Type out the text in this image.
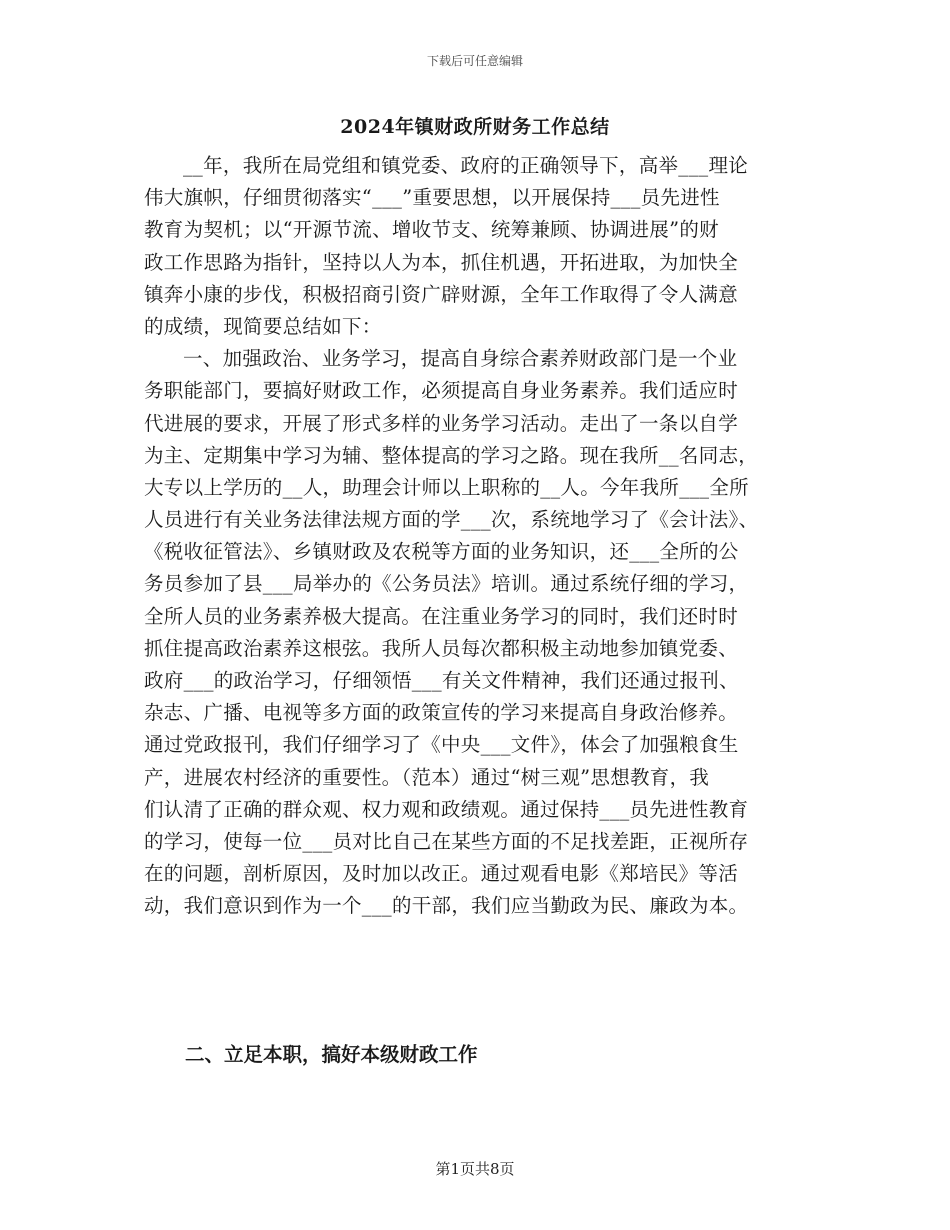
下载后可任意编辑
2024年镇财政所财务工作总结
__年，我所在局党组和镇党委、政府的正确领导下，高举___理论
伟大旗帜，仔细贯彻落实“___”重要思想，以开展保持___员先进性
教育为契机；以“开源节流、增收节支、统筹兼顾、协调进展”的财
政工作思路为指针，坚持以人为本，抓住机遇，开拓进取，为加快全
镇奔小康的步伐，积极招商引资广辟财源，全年工作取得了令人满意
的成绩，现简要总结如下：
一、加强政治、业务学习，提高自身综合素养财政部门是一个业
务职能部门，要搞好财政工作，必须提高自身业务素养。我们适应时
代进展的要求，开展了形式多样的业务学习活动。走出了一条以自学
为主、定期集中学习为辅、整体提高的学习之路。现在我所__名同志，
大专以上学历的__人，助理会计师以上职称的__人。今年我所___全所
人员进行有关业务法律法规方面的学___次，系统地学习了《会计法》、
《税收征管法》、乡镇财政及农税等方面的业务知识，还___全所的公
务员参加了县___局举办的《公务员法》培训。通过系统仔细的学习，
全所人员的业务素养极大提高。在注重业务学习的同时，我们还时时
抓住提高政治素养这根弦。我所人员每次都积极主动地参加镇党委、
政府___的政治学习，仔细领悟___有关文件精神，我们还通过报刊、
杂志、广播、电视等多方面的政策宣传的学习来提高自身政治修养。
通过党政报刊，我们仔细学习了《中央___文件》，体会了加强粮食生
产，进展农村经济的重要性。（范本）通过“树三观”思想教育，我
们认清了正确的群众观、权力观和政绩观。通过保持___员先进性教育
的学习，使每一位___员对比自己在某些方面的不足找差距，正视所存
在的问题，剖析原因，及时加以改正。通过观看电影《郑培民》等活
动，我们意识到作为一个___的干部，我们应当勤政为民、廉政为本。
二、立足本职，搞好本级财政工作
第1页共8页
